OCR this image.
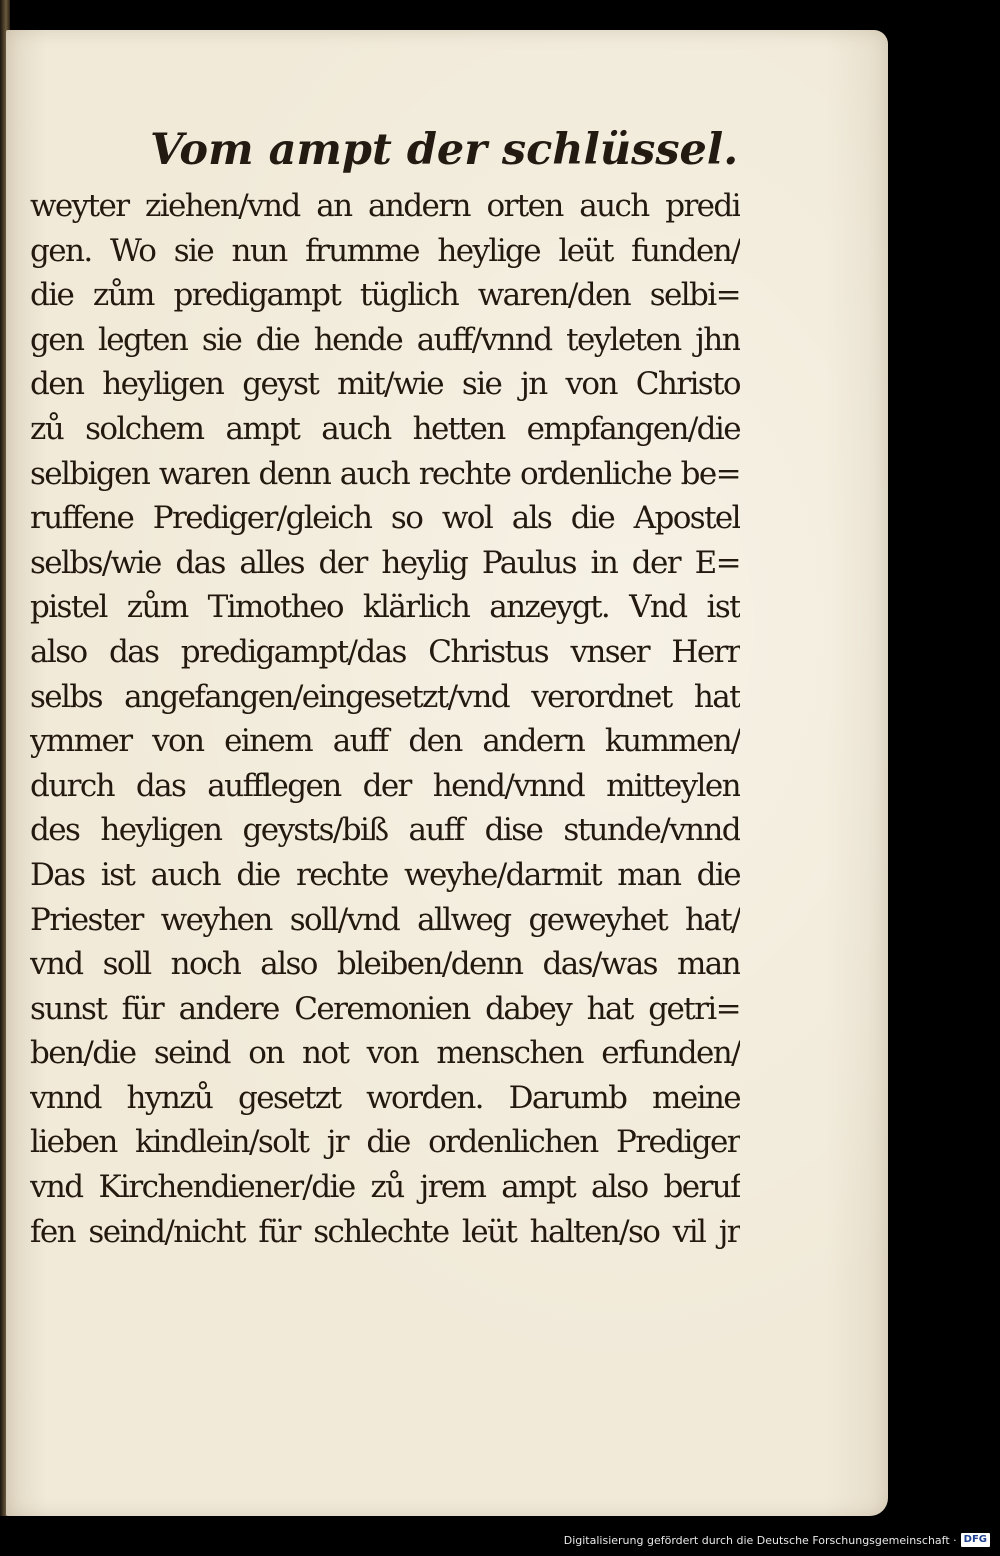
Vom ampt der schlüssel.
weyter ziehen/vnd an andern orten auch predi
gen. Wo sie nun frumme heylige leüt funden/
die zům predigampt tüglich waren/den selbi=
gen legten sie die hende auff/vnnd teyleten jhn
den heyligen geyst mit/wie sie jn von Christo
zů solchem ampt auch hetten empfangen/die
selbigen waren denn auch rechte ordenliche be=
ruffene Prediger/gleich so wol als die Apostel
selbs/wie das alles der heylig Paulus in der E=
pistel zům Timotheo klärlich anzeygt. Vnd ist
also das predigampt/das Christus vnser Herr
selbs angefangen/eingesetzt/vnd verordnet hat
ymmer von einem auff den andern kummen/
durch das aufflegen der hend/vnnd mitteylen
des heyligen geysts/biß auff dise stunde/vnnd
Das ist auch die rechte weyhe/darmit man die
Priester weyhen soll/vnd allweg geweyhet hat/
vnd soll noch also bleiben/denn das/was man
sunst für andere Ceremonien dabey hat getri=
ben/die seind on not von menschen erfunden/
vnnd hynzů gesetzt worden. Darumb meine
lieben kindlein/solt jr die ordenlichen Prediger
vnd Kirchendiener/die zů jrem ampt also beruf
fen seind/nicht für schlechte leüt halten/so vil jr
Digitalisierung gefördert durch die Deutsche Forschungsgemeinschaft · DFG
